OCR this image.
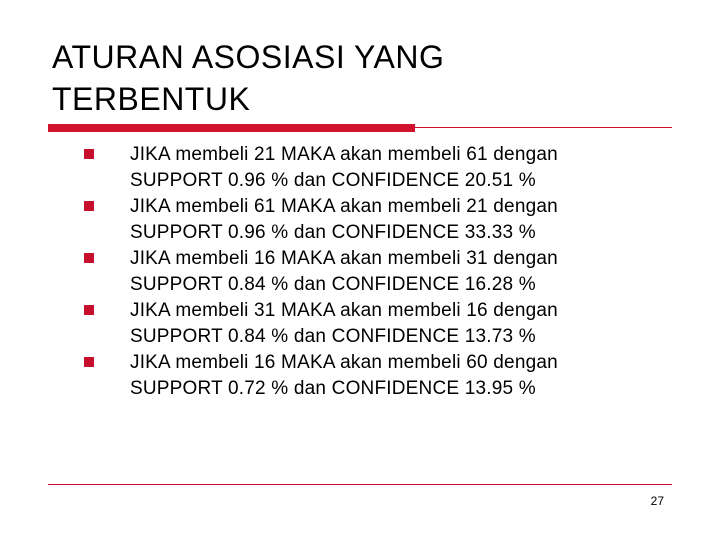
ATURAN ASOSIASI YANG
TERBENTUK
JIKA membeli 21 MAKA akan membeli 61 dengan
SUPPORT 0.96 % dan CONFIDENCE 20.51 %
JIKA membeli 61 MAKA akan membeli 21 dengan
SUPPORT 0.96 % dan CONFIDENCE 33.33 %
JIKA membeli 16 MAKA akan membeli 31 dengan
SUPPORT 0.84 % dan CONFIDENCE 16.28 %
JIKA membeli 31 MAKA akan membeli 16 dengan
SUPPORT 0.84 % dan CONFIDENCE 13.73 %
JIKA membeli 16 MAKA akan membeli 60 dengan
SUPPORT 0.72 % dan CONFIDENCE 13.95 %
27
